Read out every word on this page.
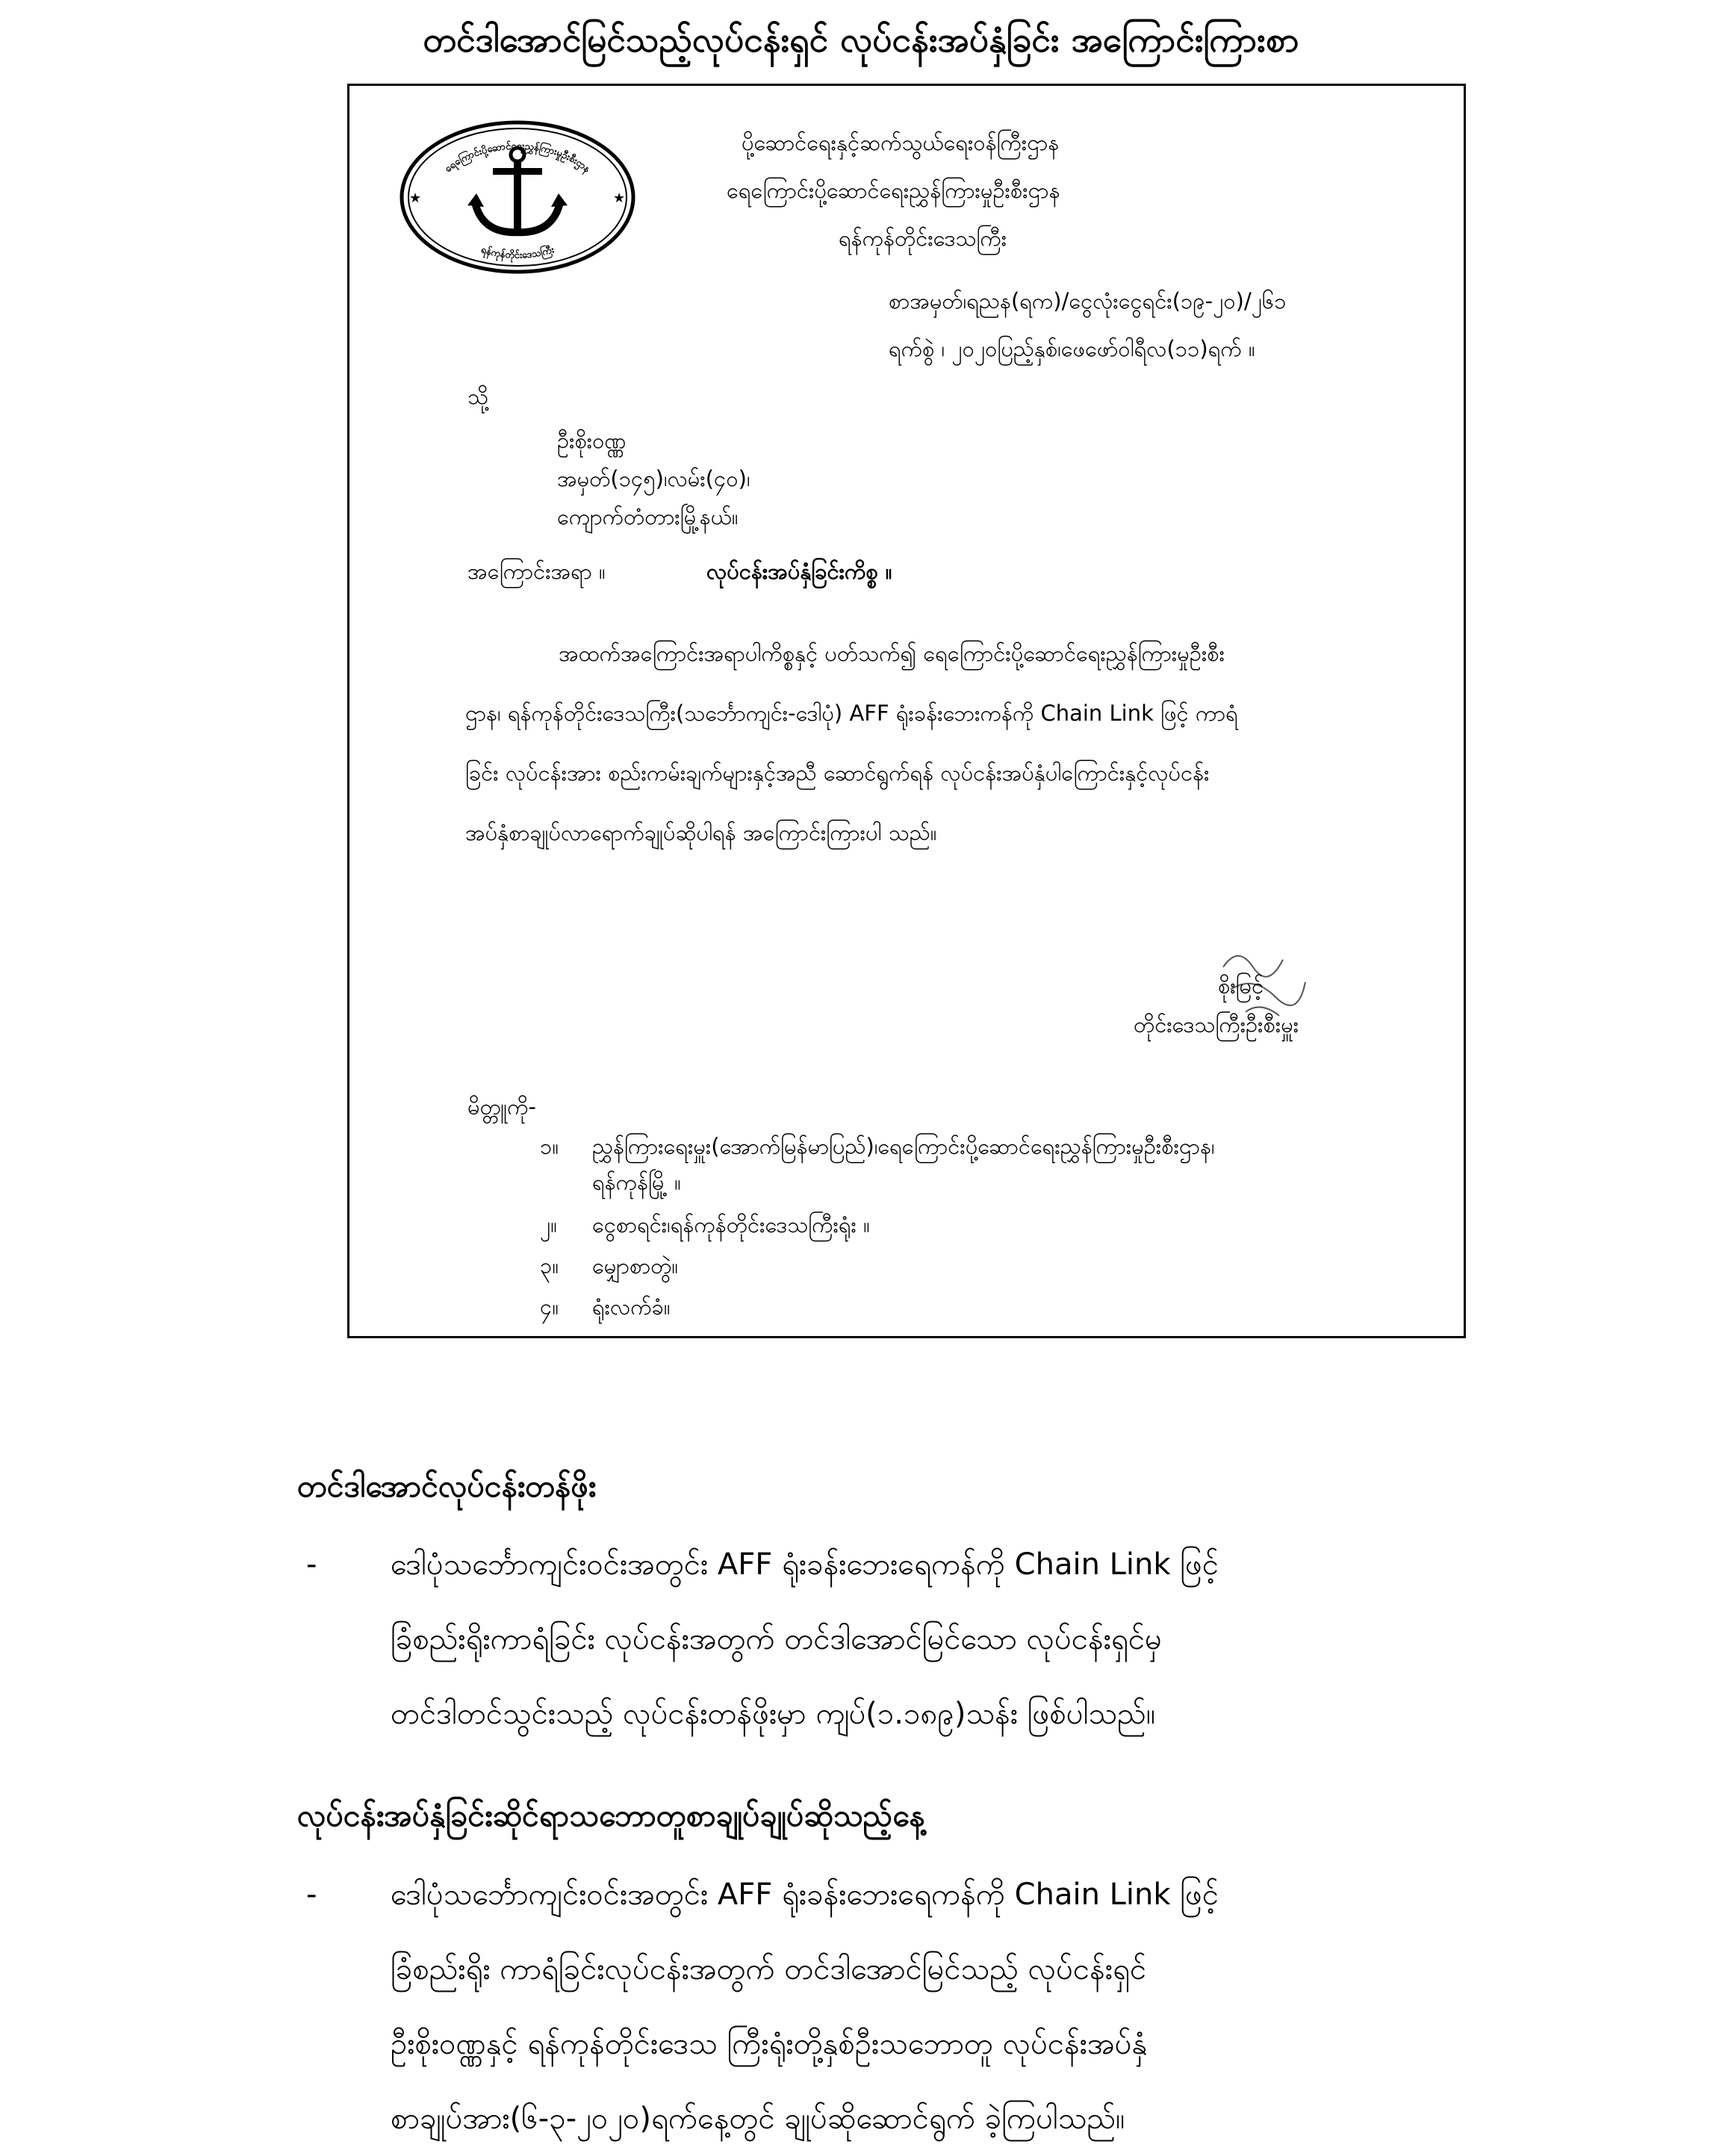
တင်ဒါအောင်မြင်သည့်လုပ်ငန်းရှင် လုပ်ငန်းအပ်နှံခြင်း အကြောင်းကြားစာ
ရေကြောင်းပို့ဆောင်ရေးညွှန်ကြားမှုဦးစီးဌာန
ရန်ကုန်တိုင်းဒေသကြီး
★	★
ပို့ဆောင်ရေးနှင့်ဆက်သွယ်ရေးဝန်ကြီးဌာန
ရေကြောင်းပို့ဆောင်ရေးညွှန်ကြားမှုဦးစီးဌာန
ရန်ကုန်တိုင်းဒေသကြီး
စာအမှတ်၊ရညန(ရက)/ငွေလုံးငွေရင်း(၁၉-၂၀)/၂၆၁
ရက်စွဲ ၊ ၂၀၂၀ပြည့်နှစ်၊ဖေဖော်ဝါရီလ(၁၁)ရက် ။
သို့
ဦးစိုးဝဏ္ဏ
အမှတ်(၁၄၅)၊လမ်း(၄၀)၊
ကျောက်တံတားမြို့နယ်။
အကြောင်းအရာ ။	လုပ်ငန်းအပ်နှံခြင်းကိစ္စ ။

အထက်အကြောင်းအရာပါကိစ္စနှင့် ပတ်သက်၍ ရေကြောင်းပို့ဆောင်ရေးညွှန်ကြားမှုဦးစီး

ဌာန၊ ရန်ကုန်တိုင်းဒေသကြီး(သင်္ဘောကျင်း-ဒေါပုံ) AFF ရုံးခန်းဘေးကန်ကို Chain Link ဖြင့် ကာရံ
ခြင်း လုပ်ငန်းအား စည်းကမ်းချက်များနှင့်အညီ ဆောင်ရွက်ရန် လုပ်ငန်းအပ်နှံပါကြောင်းနှင့်လုပ်ငန်း
အပ်နှံစာချုပ်လာရောက်ချုပ်ဆိုပါရန် အကြောင်းကြားပါ သည်။
စိုးမြင့်
တိုင်းဒေသကြီးဦးစီးမှူး
မိတ္တူကို-
၁။ ညွှန်ကြားရေးမှူး(အောက်မြန်မာပြည်)၊ရေကြောင်းပို့ဆောင်ရေးညွှန်ကြားမှုဦးစီးဌာန၊
ရန်ကုန်မြို့ ။
၂။ ငွေစာရင်း၊ရန်ကုန်တိုင်းဒေသကြီးရုံး ။
၃။ မျှောစာတွဲ။
၄။ ရုံးလက်ခံ။
တင်ဒါအောင်လုပ်ငန်းတန်ဖိုး
- ဒေါပုံသင်္ဘောကျင်းဝင်းအတွင်း AFF ရုံးခန်းဘေးရေကန်ကို Chain Link ဖြင့်
ခြံစည်းရိုးကာရံခြင်း လုပ်ငန်းအတွက် တင်ဒါအောင်မြင်သော လုပ်ငန်းရှင်မှ
တင်ဒါတင်သွင်းသည့် လုပ်ငန်းတန်ဖိုးမှာ ကျပ်(၁.၁၈၉)သန်း ဖြစ်ပါသည်။
လုပ်ငန်းအပ်နှံခြင်းဆိုင်ရာသဘောတူစာချုပ်ချုပ်ဆိုသည့်နေ့
- ဒေါပုံသင်္ဘောကျင်းဝင်းအတွင်း AFF ရုံးခန်းဘေးရေကန်ကို Chain Link ဖြင့်
ခြံစည်းရိုး ကာရံခြင်းလုပ်ငန်းအတွက် တင်ဒါအောင်မြင်သည့် လုပ်ငန်းရှင်
ဦးစိုးဝဏ္ဏနှင့် ရန်ကုန်တိုင်းဒေသ ကြီးရုံးတို့နှစ်ဦးသဘောတူ လုပ်ငန်းအပ်နှံ
စာချုပ်အား(၆-၃-၂၀၂၀)ရက်နေ့တွင် ချုပ်ဆိုဆောင်ရွက် ခဲ့ကြပါသည်။
